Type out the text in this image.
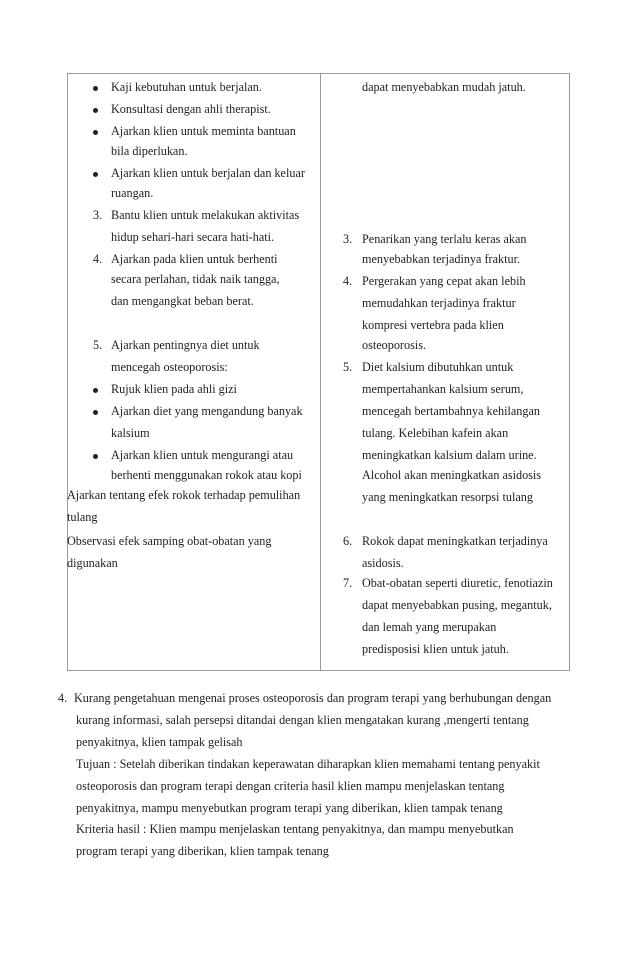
Kaji kebutuhan untuk berjalan.
Konsultasi dengan ahli therapist.
Ajarkan klien untuk meminta bantuan
bila diperlukan.
Ajarkan klien untuk berjalan dan keluar
ruangan.
3. Bantu klien untuk melakukan aktivitas
hidup sehari-hari secara hati-hati.
4. Ajarkan pada klien untuk berhenti
secara perlahan, tidak naik tangga,
dan mengangkat beban berat.
5. Ajarkan pentingnya diet untuk
mencegah osteoporosis:
Rujuk klien pada ahli gizi
Ajarkan diet yang mengandung banyak
kalsium
Ajarkan klien untuk mengurangi atau
berhenti menggunakan rokok atau kopi
Ajarkan tentang efek rokok terhadap pemulihan
tulang
Observasi efek samping obat-obatan yang
digunakan
dapat menyebabkan mudah jatuh.
3. Penarikan yang terlalu keras akan
menyebabkan terjadinya fraktur.
4. Pergerakan yang cepat akan lebih
memudahkan terjadinya fraktur
kompresi vertebra pada klien
osteoporosis.
5. Diet kalsium dibutuhkan untuk
mempertahankan kalsium serum,
mencegah bertambahnya kehilangan
tulang. Kelebihan kafein akan
meningkatkan kalsium dalam urine.
Alcohol akan meningkatkan asidosis
yang meningkatkan resorpsi tulang
6. Rokok dapat meningkatkan terjadinya
asidosis.
7. Obat-obatan seperti diuretic, fenotiazin
dapat menyebabkan pusing, megantuk,
dan lemah yang merupakan
predisposisi klien untuk jatuh.
4. Kurang pengetahuan mengenai proses osteoporosis dan program terapi yang berhubungan dengan
kurang informasi, salah persepsi ditandai dengan klien mengatakan kurang ,mengerti tentang
penyakitnya, klien tampak gelisah
Tujuan : Setelah diberikan tindakan keperawatan diharapkan klien memahami tentang penyakit
osteoporosis dan program terapi dengan criteria hasil klien mampu menjelaskan tentang
penyakitnya, mampu menyebutkan program terapi yang diberikan, klien tampak tenang
Kriteria hasil : Klien mampu menjelaskan tentang penyakitnya, dan mampu menyebutkan
program terapi yang diberikan, klien tampak tenang
